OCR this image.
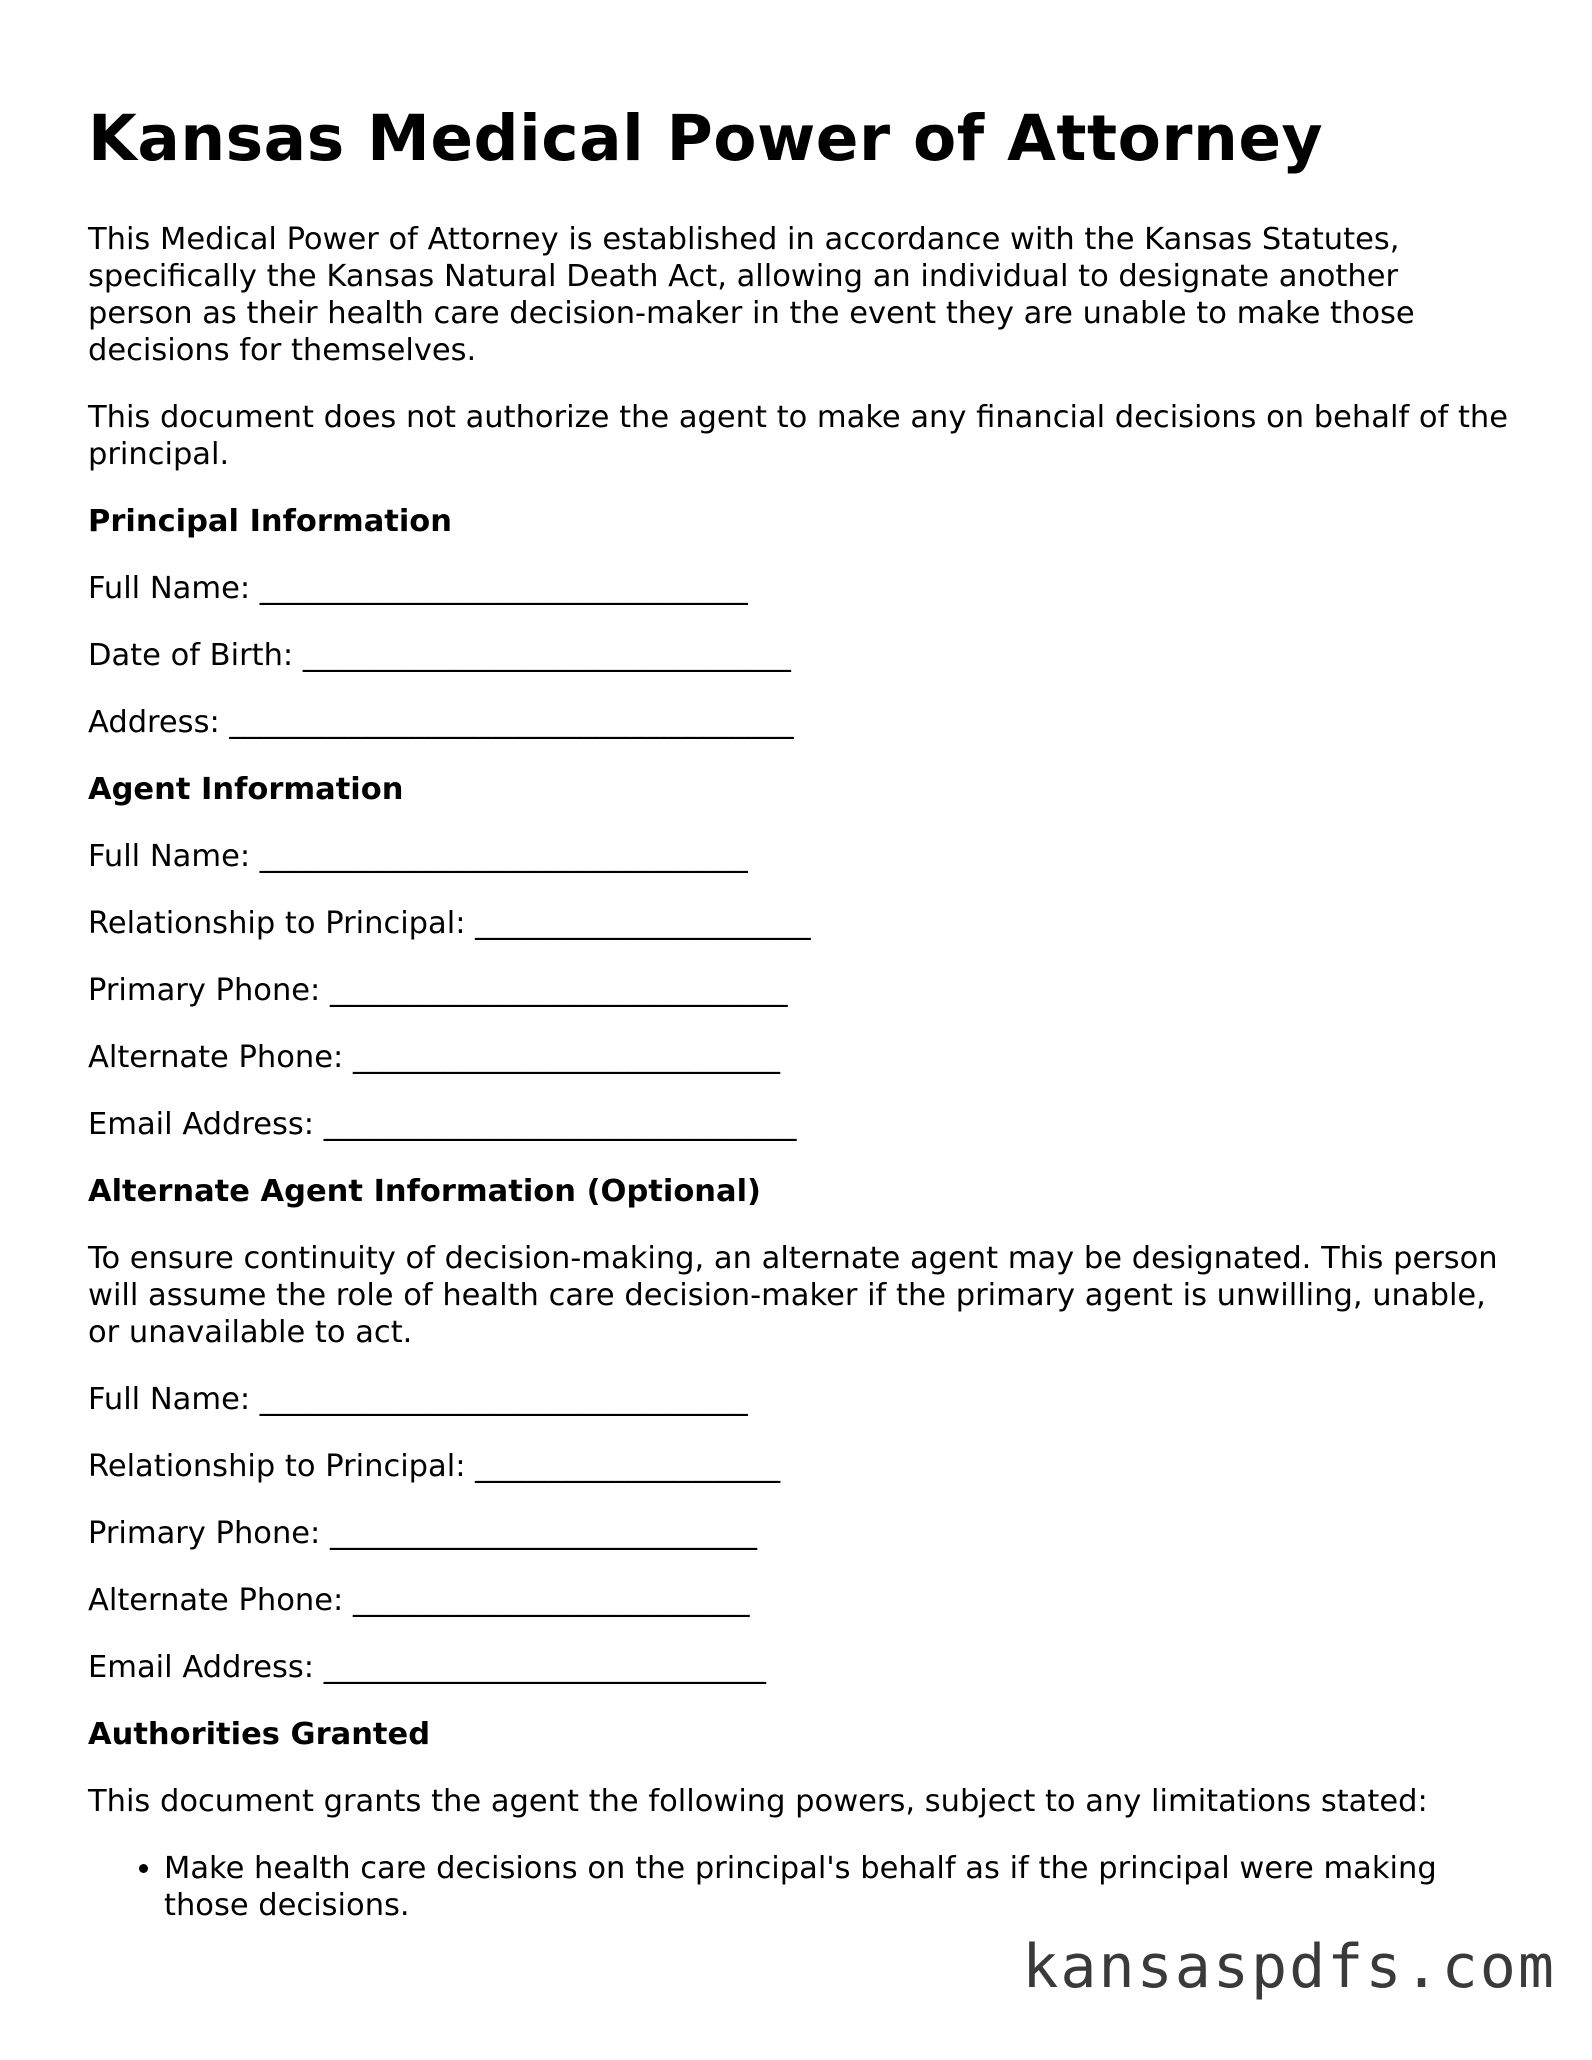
Kansas Medical Power of Attorney

This Medical Power of Attorney is established in accordance with the Kansas Statutes, specifically the Kansas Natural Death Act, allowing an individual to designate another person as their health care decision-maker in the event they are unable to make those decisions for themselves.

This document does not authorize the agent to make any financial decisions on behalf of the principal.

Principal Information
Full Name: ________________________________
Date of Birth: ________________________________
Address: _____________________________________
Agent Information
Full Name: ________________________________
Relationship to Principal: ______________________
Primary Phone: ______________________________
Alternate Phone: ____________________________
Email Address: _______________________________
Alternate Agent Information (Optional)

To ensure continuity of decision-making, an alternate agent may be designated. This person will assume the role of health care decision-maker if the primary agent is unwilling, unable, or unavailable to act.

Full Name: ________________________________
Relationship to Principal: ____________________
Primary Phone: ____________________________
Alternate Phone: __________________________
Email Address: _____________________________
Authorities Granted

This document grants the agent the following powers, subject to any limitations stated:

• Make health care decisions on the principal's behalf as if the principal were making those decisions.
kansaspdfs.com
